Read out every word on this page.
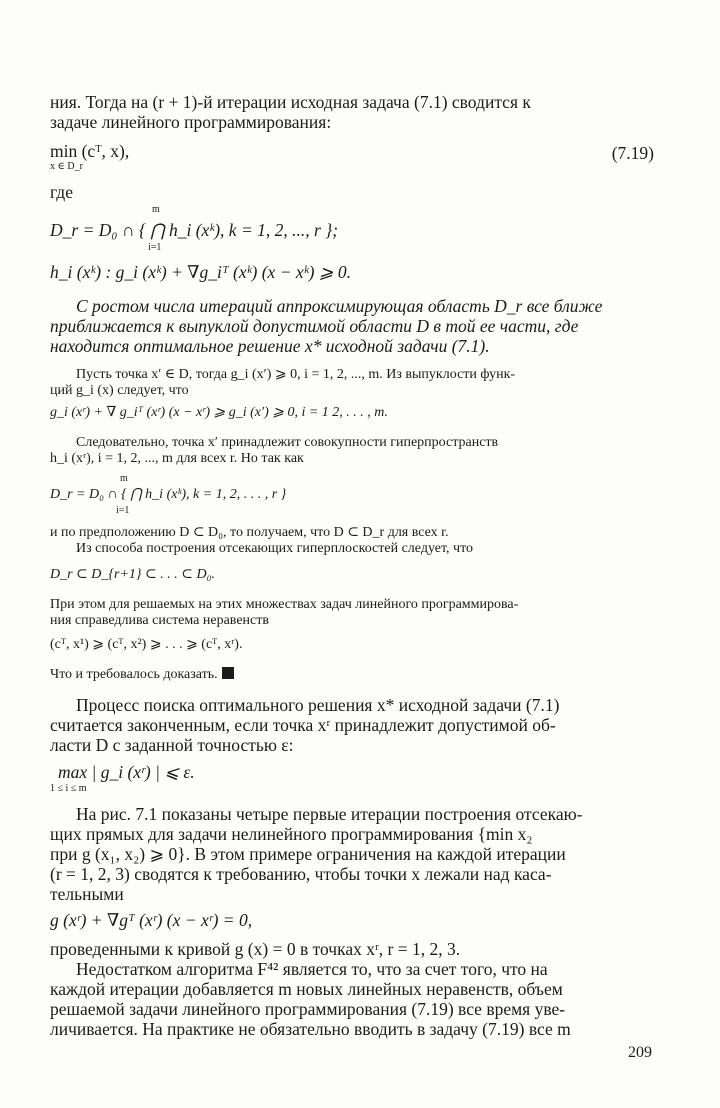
ния. Тогда на (r + 1)-й итерации исходная задача (7.1) сводится к
задаче линейного программирования:
min (cᵀ, x),
x ∈ D_r
(7.19)
где
m
D_r = D₀ ∩ { ⋂ h_i (xᵏ), k = 1, 2, ..., r };
i=1
h_i (xᵏ) : g_i (xᵏ) + ∇g_iᵀ (xᵏ) (x − xᵏ) ⩾ 0.
С ростом числа итераций аппроксимирующая область D_r все ближе
приближается к выпуклой допустимой области D в той ее части, где
находится оптимальное решение x* исходной задачи (7.1).
Пусть точка x′ ∈ D, тогда g_i (x′) ⩾ 0, i = 1, 2, ..., m. Из выпуклости функ-
ций g_i (x) следует, что
g_i (xʳ) + ∇ g_iᵀ (xʳ) (x − xʳ) ⩾ g_i (x′) ⩾ 0, i = 1 2, . . . , m.
Следовательно, точка x′ принадлежит совокупности гиперпространств
h_i (xʳ), i = 1, 2, ..., m для всех r. Но так как
m
D_r = D₀ ∩ { ⋂ h_i (xᵏ), k = 1, 2, . . . , r }
i=1
и по предположению D ⊂ D₀, то получаем, что D ⊂ D_r для всех r.
Из способа построения отсекающих гиперплоскостей следует, что
D_r ⊂ D_{r+1} ⊂ . . . ⊂ D₀.
При этом для решаемых на этих множествах задач линейного программирова-
ния справедлива система неравенств
(cᵀ, x¹) ⩾ (cᵀ, x²) ⩾ . . . ⩾ (cᵀ, xʳ).
Что и требовалось доказать.
Процесс поиска оптимального решения x* исходной задачи (7.1)
считается законченным, если точка xʳ принадлежит допустимой об-
ласти D с заданной точностью ε:
max | g_i (xʳ) | ⩽ ε.
1 ≤ i ≤ m
На рис. 7.1 показаны четыре первые итерации построения отсекаю-
щих прямых для задачи нелинейного программирования {min x₂
при g (x₁, x₂) ⩾ 0}. В этом примере ограничения на каждой итерации
(r = 1, 2, 3) сводятся к требованию, чтобы точки x лежали над каса-
тельными
g (xʳ) + ∇gᵀ (xʳ) (x − xʳ) = 0,
проведенными к кривой g (x) = 0 в точках xʳ, r = 1, 2, 3.
Недостатком алгоритма F⁴² является то, что за счет того, что на
каждой итерации добавляется m новых линейных неравенств, объем
решаемой задачи линейного программирования (7.19) все время уве-
личивается. На практике не обязательно вводить в задачу (7.19) все m
209
